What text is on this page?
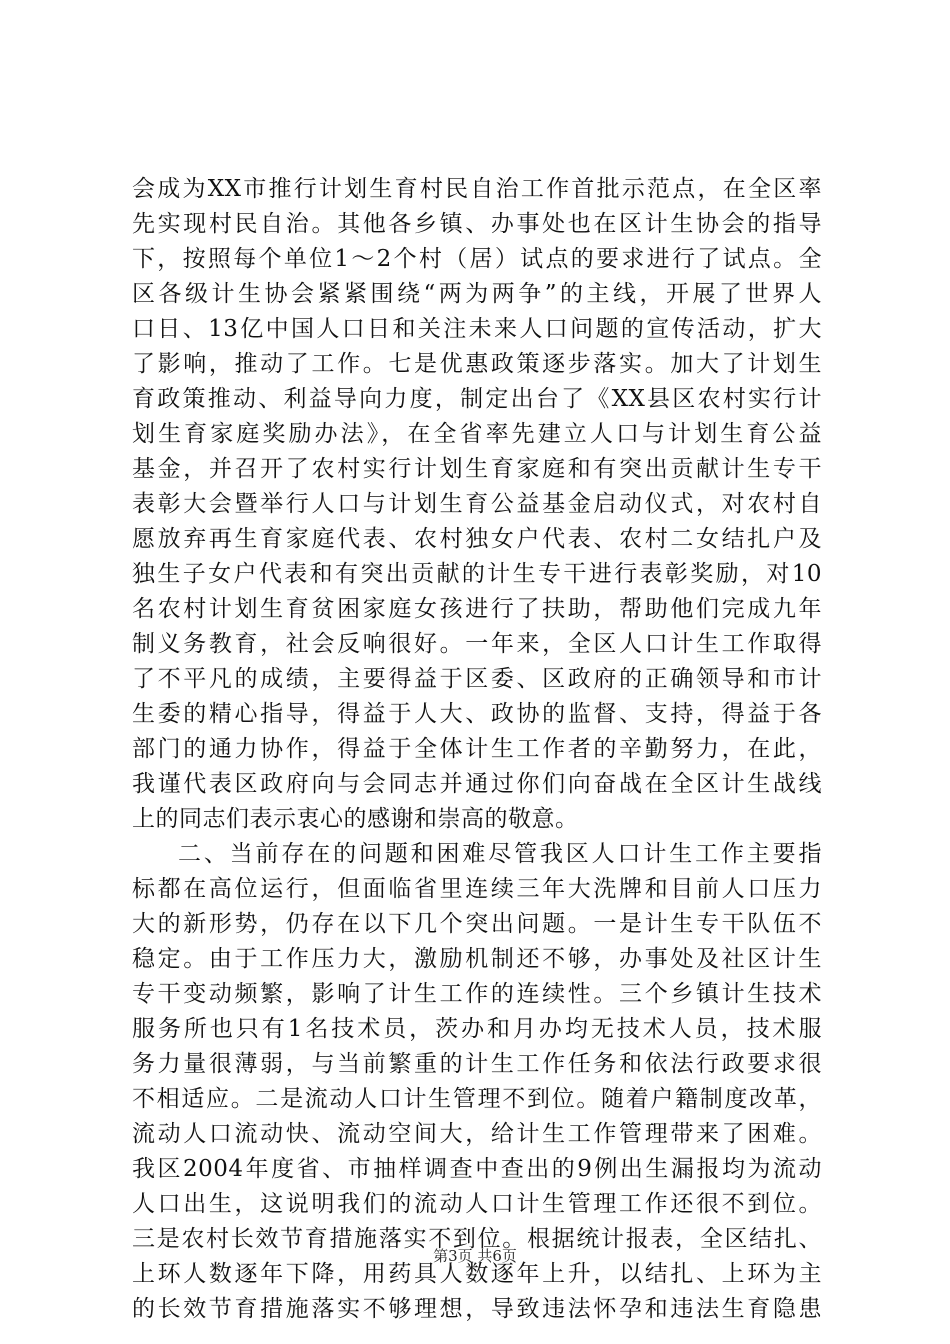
会成为XX市推行计划生育村民自治工作首批示范点，在全区率
先实现村民自治。其他各乡镇、办事处也在区计生协会的指导
下，按照每个单位1～2个村（居）试点的要求进行了试点。全
区各级计生协会紧紧围绕“两为两争”的主线，开展了世界人
口日、13亿中国人口日和关注未来人口问题的宣传活动，扩大
了影响，推动了工作。七是优惠政策逐步落实。加大了计划生
育政策推动、利益导向力度，制定出台了《XX县区农村实行计
划生育家庭奖励办法》，在全省率先建立人口与计划生育公益
基金，并召开了农村实行计划生育家庭和有突出贡献计生专干
表彰大会暨举行人口与计划生育公益基金启动仪式，对农村自
愿放弃再生育家庭代表、农村独女户代表、农村二女结扎户及
独生子女户代表和有突出贡献的计生专干进行表彰奖励，对10
名农村计划生育贫困家庭女孩进行了扶助，帮助他们完成九年
制义务教育，社会反响很好。一年来，全区人口计生工作取得
了不平凡的成绩，主要得益于区委、区政府的正确领导和市计
生委的精心指导，得益于人大、政协的监督、支持，得益于各
部门的通力协作，得益于全体计生工作者的辛勤努力，在此，
我谨代表区政府向与会同志并通过你们向奋战在全区计生战线
上的同志们表示衷心的感谢和崇高的敬意。
二、当前存在的问题和困难尽管我区人口计生工作主要指
标都在高位运行，但面临省里连续三年大洗牌和目前人口压力
大的新形势，仍存在以下几个突出问题。一是计生专干队伍不
稳定。由于工作压力大，激励机制还不够，办事处及社区计生
专干变动频繁，影响了计生工作的连续性。三个乡镇计生技术
服务所也只有1名技术员，茨办和月办均无技术人员，技术服
务力量很薄弱，与当前繁重的计生工作任务和依法行政要求很
不相适应。二是流动人口计生管理不到位。随着户籍制度改革，
流动人口流动快、流动空间大，给计生工作管理带来了困难。
我区2004年度省、市抽样调查中查出的9例出生漏报均为流动
人口出生，这说明我们的流动人口计生管理工作还很不到位。
三是农村长效节育措施落实不到位。根据统计报表，全区结扎、
上环人数逐年下降，用药具人数逐年上升，以结扎、上环为主
的长效节育措施落实不够理想，导致违法怀孕和违法生育隐患
第3页 共6页
